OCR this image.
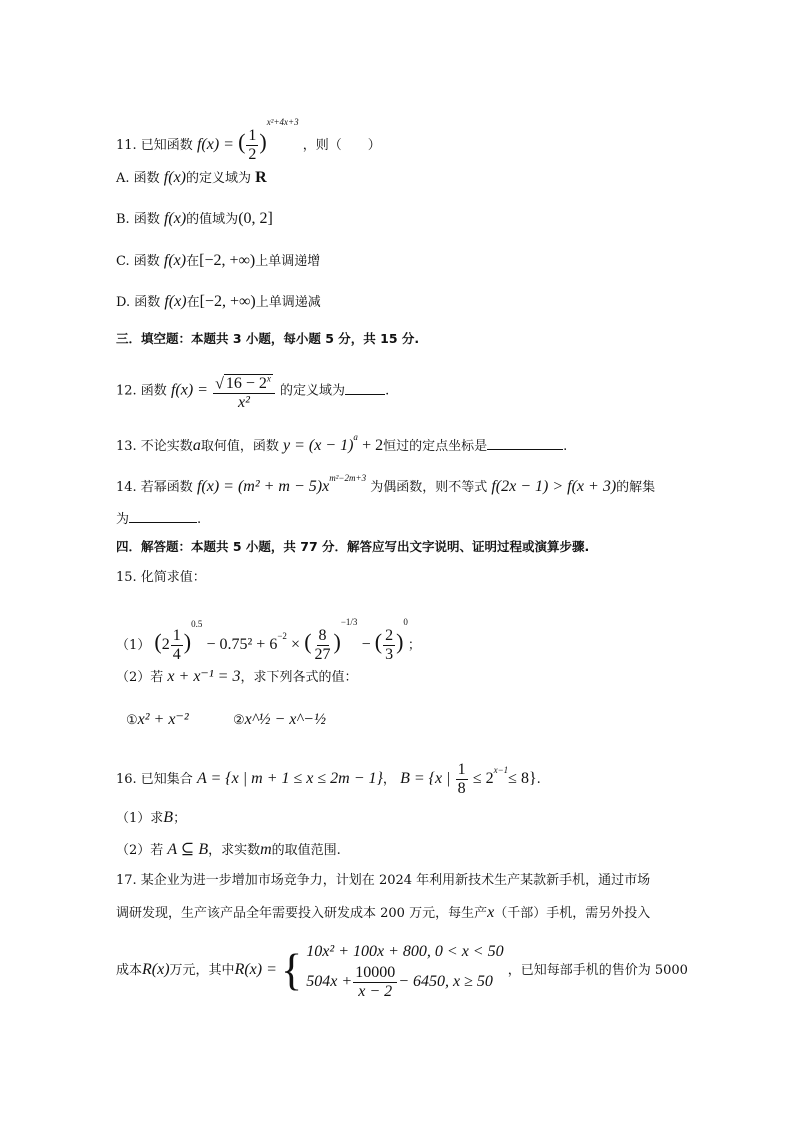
11. 已知函数 f(x) = ( $\frac{1}{2} )^{x^2+4x+3}$ ，则（　　）
A. 函数 f(x)的定义域为 R
B. 函数 f(x)的值域为(0, 2]
C. 函数 f(x)在[−2, +∞)上单调递增
D. 函数 f(x)在[−2, +∞)上单调递减
三．填空题：本题共 3 小题，每小题 5 分，共 15 分.
12. 函数 $f(x) = \frac{√ 16 - 2^x}{\text{x²}}$ 的定义域为	.
13. 不论实数a取何值，函数 $y = (x - 1)^a + 2$恒过的定点坐标是	.
14. 若幂函数 $f(x) = (m^2 + m - 5)x^{m^2-2m+3}$ 为偶函数，则不等式 f(2x − 1) > f(x + 3)的解集
为	.
四．解答题：本题共 5 小题，共 77 分．解答应写出文字说明、证明过程或演算步骤.
15. 化简求值：
（1） $(2 \frac{1}{4} )^{0.5} - 0.75^2 + 6^{-2}$ × ( $\frac{8}{27} )^{-1/3}$ − ( $\frac{2}{3} )^0$；
（2）若 x + x⁻¹ = 3，求下列各式的值：
①x² + x⁻²	②x^½ − x^−½
16. 已知集合 A = {x | m + 1 ≤ x ≤ 2m − 1}， B = {x | $\frac{1}{8} \le 2^{x-1}\le 8$}.
（1）求B；
（2）若 A ⊆ B，求实数m的取值范围.
17. 某企业为进一步增加市场竞争力，计划在 2024 年利用新技术生产某款新手机，通过市场
调研发现，生产该产品全年需要投入研发成本 200 万元，每生产x（千部）手机，需另外投入
成本R(x)万元，其中R(x) = { 10x² + 100x + 800, 0 < x < 50
$504x + \frac{10000}{x - 2} - 6450$, x ≥ 50
，已知每部手机的售价为 5000
